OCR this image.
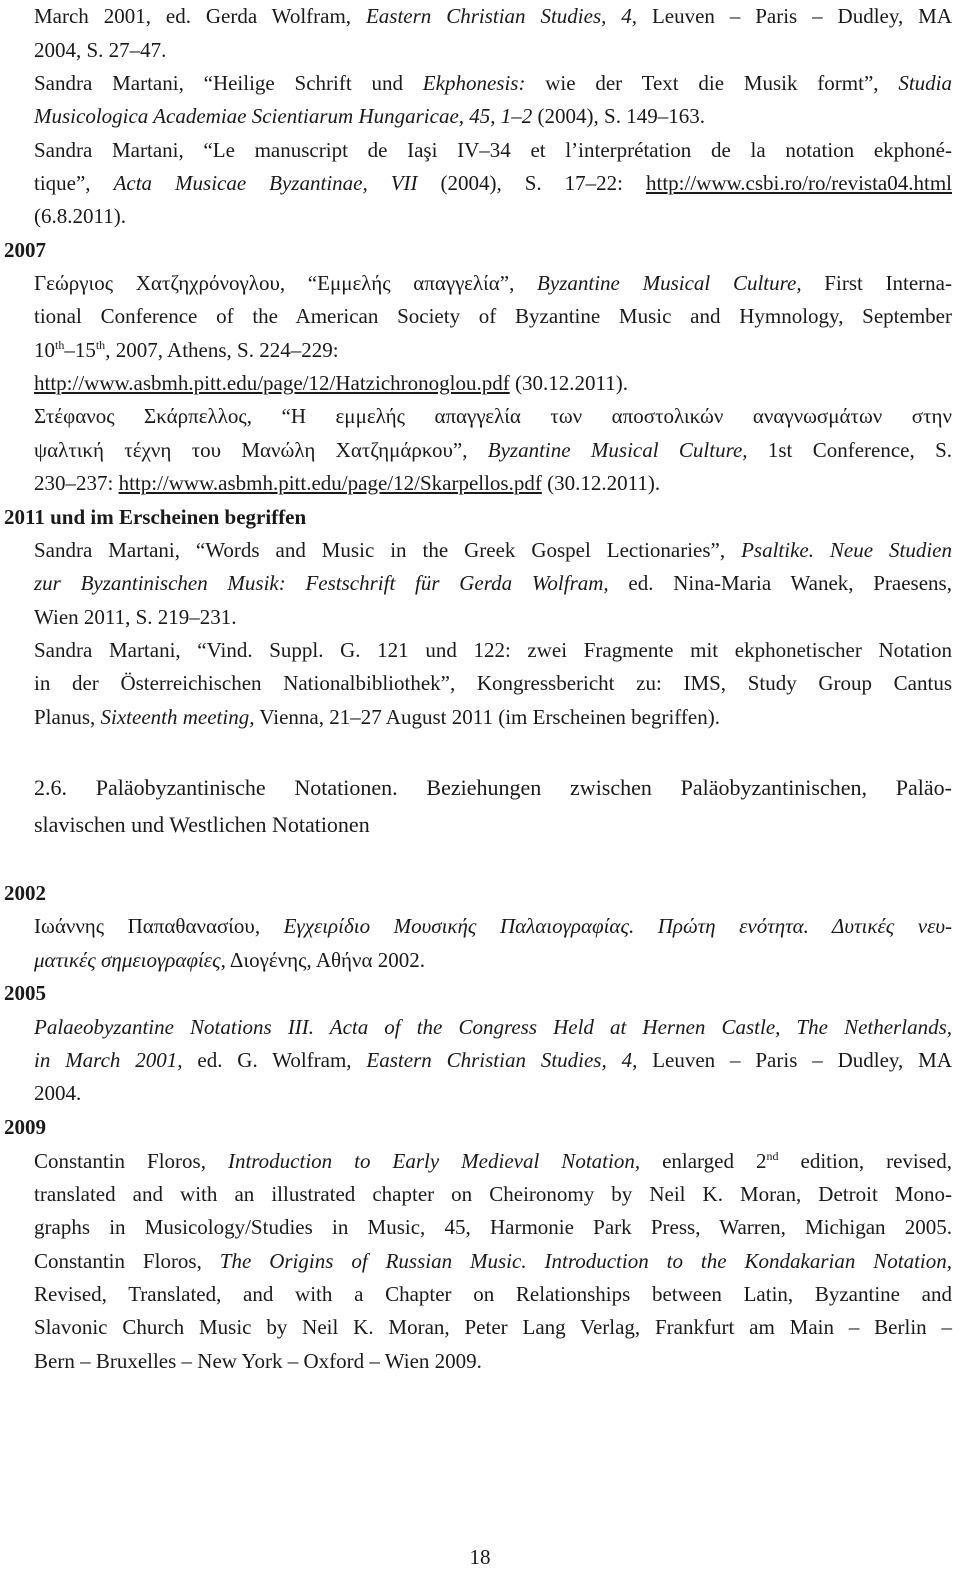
March 2001, ed. Gerda Wolfram, Eastern Christian Studies, 4, Leuven – Paris – Dudley, MA
2004, S. 27–47.
Sandra Martani, “Heilige Schrift und Ekphonesis: wie der Text die Musik formt”, Studia
Musicologica Academiae Scientiarum Hungaricae, 45, 1–2 (2004), S. 149–163.
Sandra Martani, “Le manuscript de Iaşi IV–34 et l’interprétation de la notation ekphoné-
tique”, Acta Musicae Byzantinae, VII (2004), S. 17–22: http://www.csbi.ro/ro/revista04.html
(6.8.2011).
2007
Γεώργιος Χατζηχρόνογλου, “Εμμελής απαγγελία”, Byzantine Musical Culture, First Interna-
tional Conference of the American Society of Byzantine Music and Hymnology, September
10th–15th, 2007, Athens, S. 224–229:
http://www.asbmh.pitt.edu/page/12/Hatzichronoglou.pdf (30.12.2011).
Στέφανος Σκάρπελλος, “Η εμμελής απαγγελία των αποστολικών αναγνωσμάτων στην
ψαλτική τέχνη του Μανώλη Χατζημάρκου”, Byzantine Musical Culture, 1st Conference, S.
230–237: http://www.asbmh.pitt.edu/page/12/Skarpellos.pdf (30.12.2011).
2011 und im Erscheinen begriffen
Sandra Martani, “Words and Music in the Greek Gospel Lectionaries”, Psaltike. Neue Studien
zur Byzantinischen Musik: Festschrift für Gerda Wolfram, ed. Nina-Maria Wanek, Praesens,
Wien 2011, S. 219–231.
Sandra Martani, “Vind. Suppl. G. 121 und 122: zwei Fragmente mit ekphonetischer Notation
in der Österreichischen Nationalbibliothek”, Kongressbericht zu: IMS, Study Group Cantus
Planus, Sixteenth meeting, Vienna, 21–27 August 2011 (im Erscheinen begriffen).
2.6. Paläobyzantinische Notationen. Beziehungen zwischen Paläobyzantinischen, Paläo-
slavischen und Westlichen Notationen
2002
Ιωάννης Παπαθανασίου, Εγχειρίδιο Μουσικής Παλαιογραφίας. Πρώτη ενότητα. Δυτικές νευ-
ματικές σημειογραφίες, Διογένης, Αθήνα 2002.
2005
Palaeobyzantine Notations III. Acta of the Congress Held at Hernen Castle, The Netherlands,
in March 2001, ed. G. Wolfram, Eastern Christian Studies, 4, Leuven – Paris – Dudley, MA
2004.
2009
Constantin Floros, Introduction to Early Medieval Notation, enlarged 2nd edition, revised,
translated and with an illustrated chapter on Cheironomy by Neil K. Moran, Detroit Mono-
graphs in Musicology/Studies in Music, 45, Harmonie Park Press, Warren, Michigan 2005.
Constantin Floros, The Origins of Russian Music. Introduction to the Kondakarian Notation,
Revised, Translated, and with a Chapter on Relationships between Latin, Byzantine and
Slavonic Church Music by Neil K. Moran, Peter Lang Verlag, Frankfurt am Main – Berlin –
Bern – Bruxelles – New York – Oxford – Wien 2009.
18
